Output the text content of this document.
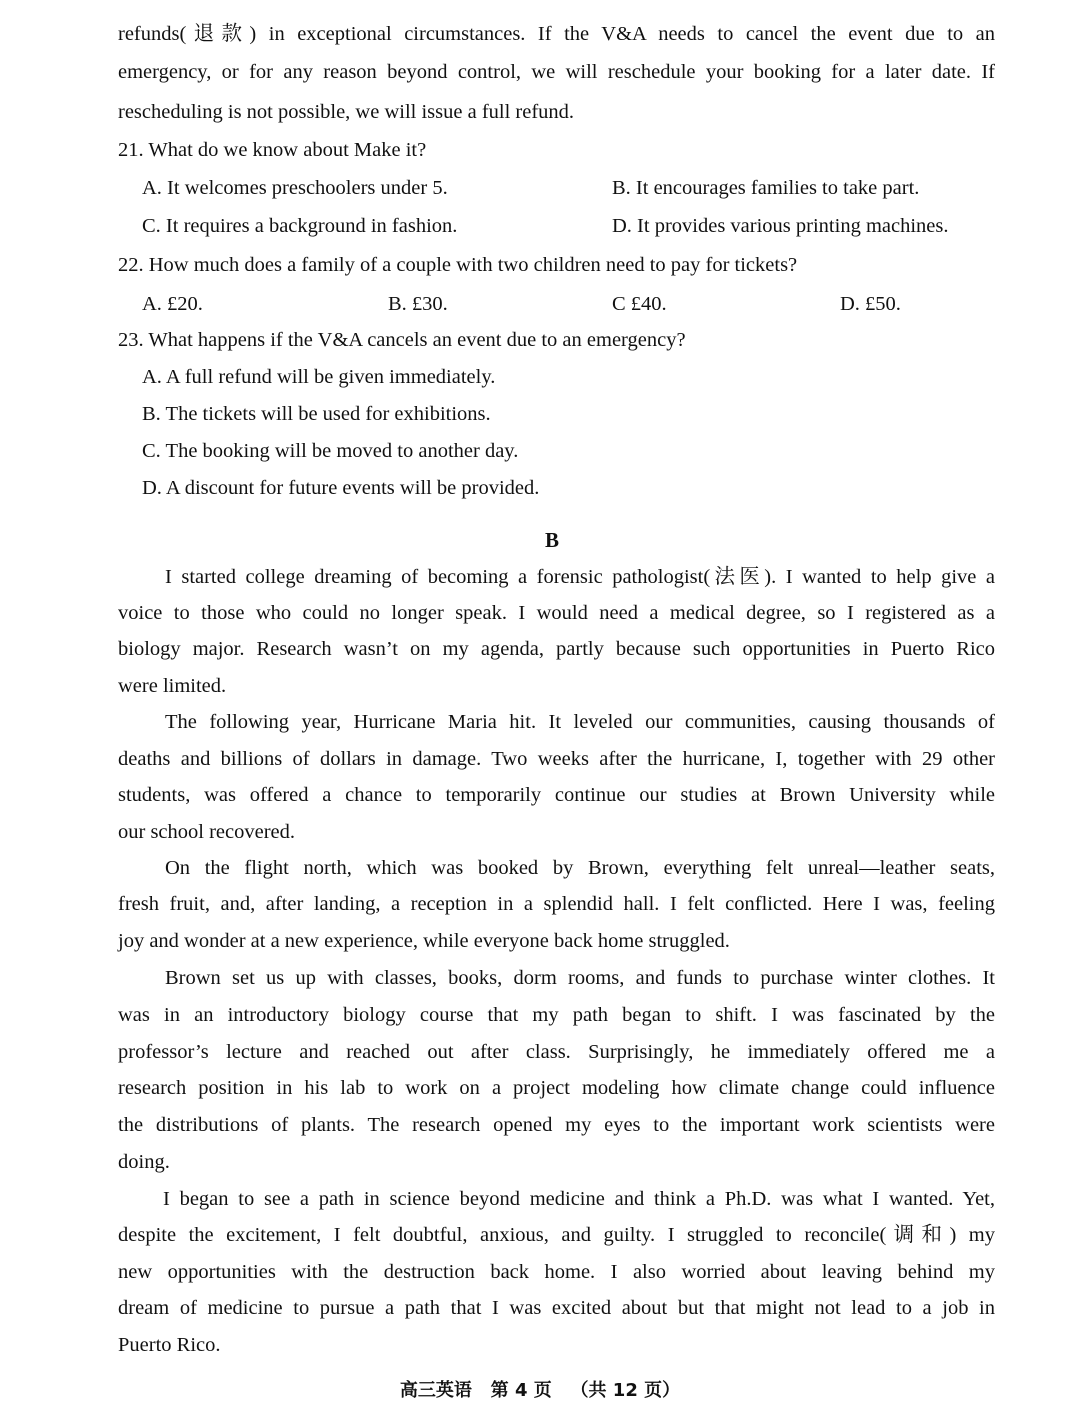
refunds(退款) in exceptional circumstances. If the V&A needs to cancel the event due to an
emergency, or for any reason beyond control, we will reschedule your booking for a later date. If
rescheduling is not possible, we will issue a full refund.
21. What do we know about Make it?
A. It welcomes preschoolers under 5.	B. It encourages families to take part.
C. It requires a background in fashion.	D. It provides various printing machines.
22. How much does a family of a couple with two children need to pay for tickets?
A. £20.	B. £30.	C £40.	D. £50.
23. What happens if the V&A cancels an event due to an emergency?
A. A full refund will be given immediately.
B. The tickets will be used for exhibitions.
C. The booking will be moved to another day.
D. A discount for future events will be provided.
B
I started college dreaming of becoming a forensic pathologist(法医). I wanted to help give a
voice to those who could no longer speak. I would need a medical degree, so I registered as a
biology major. Research wasn’t on my agenda, partly because such opportunities in Puerto Rico
were limited.
The following year, Hurricane Maria hit. It leveled our communities, causing thousands of
deaths and billions of dollars in damage. Two weeks after the hurricane, I, together with 29 other
students, was offered a chance to temporarily continue our studies at Brown University while
our school recovered.
On the flight north, which was booked by Brown, everything felt unreal—leather seats,
fresh fruit, and, after landing, a reception in a splendid hall. I felt conflicted. Here I was, feeling
joy and wonder at a new experience, while everyone back home struggled.
Brown set us up with classes, books, dorm rooms, and funds to purchase winter clothes. It
was in an introductory biology course that my path began to shift. I was fascinated by the
professor’s lecture and reached out after class. Surprisingly, he immediately offered me a
research position in his lab to work on a project modeling how climate change could influence
the distributions of plants. The research opened my eyes to the important work scientists were
doing.
I began to see a path in science beyond medicine and think a Ph.D. was what I wanted. Yet,
despite the excitement, I felt doubtful, anxious, and guilty. I struggled to reconcile(调和) my
new opportunities with the destruction back home. I also worried about leaving behind my
dream of medicine to pursue a path that I was excited about but that might not lead to a job in
Puerto Rico.
高三英语   第 4 页   （共 12 页）
